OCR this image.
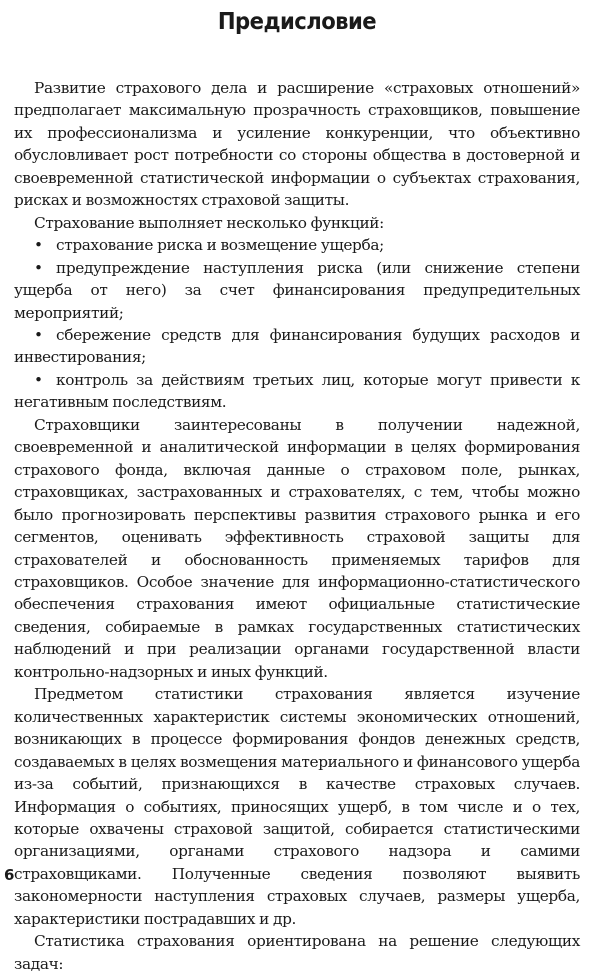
Предисловие

Развитие страхового дела и расширение «страховых отношений» предполагает максимальную прозрачность страховщиков, повышение их профессионализма и усиление конкуренции, что объективно обусловливает рост потребности со стороны общества в достоверной и своевременной статистической информации о субъектах страхования, рисках и возможностях страховой защиты.

Страхование выполняет несколько функций:

• страхование риска и возмещение ущерба;

• предупреждение наступления риска (или снижение степени ущерба от него) за счет финансирования предупредительных мероприятий;

• сбережение средств для финансирования будущих расходов и инвестирования;

• контроль за действиям третьих лиц, которые могут привести к негативным последствиям.

Страховщики заинтересованы в получении надежной, своевременной и аналитической информации в целях формирования страхового фонда, включая данные о страховом поле, рынках, страховщиках, застрахованных и страхователях, с тем, чтобы можно было прогнозировать перспективы развития страхового рынка и его сегментов, оценивать эффективность страховой защиты для страхователей и обоснованность применяемых тарифов для страховщиков. Особое значение для информационно-статистического обеспечения страхования имеют официальные статистические сведения, собираемые в рамках государственных статистических наблюдений и при реализации органами государственной власти контрольно-надзорных и иных функций.

Предметом статистики страхования является изучение количественных характеристик системы экономических отношений, возникающих в процессе формирования фондов денежных средств, создаваемых в целях возмещения материального и финансового ущерба из-за событий, признающихся в качестве страховых случаев. Информация о событиях, приносящих ущерб, в том числе и о тех, которые охвачены страховой защитой, собирается статистическими организациями, органами страхового надзора и самими страховщиками. Полученные сведения позволяют выявить закономерности наступления страховых случаев, размеры ущерба, характеристики пострадавших и др.

Статистика страхования ориентирована на решение следующих задач:

6
